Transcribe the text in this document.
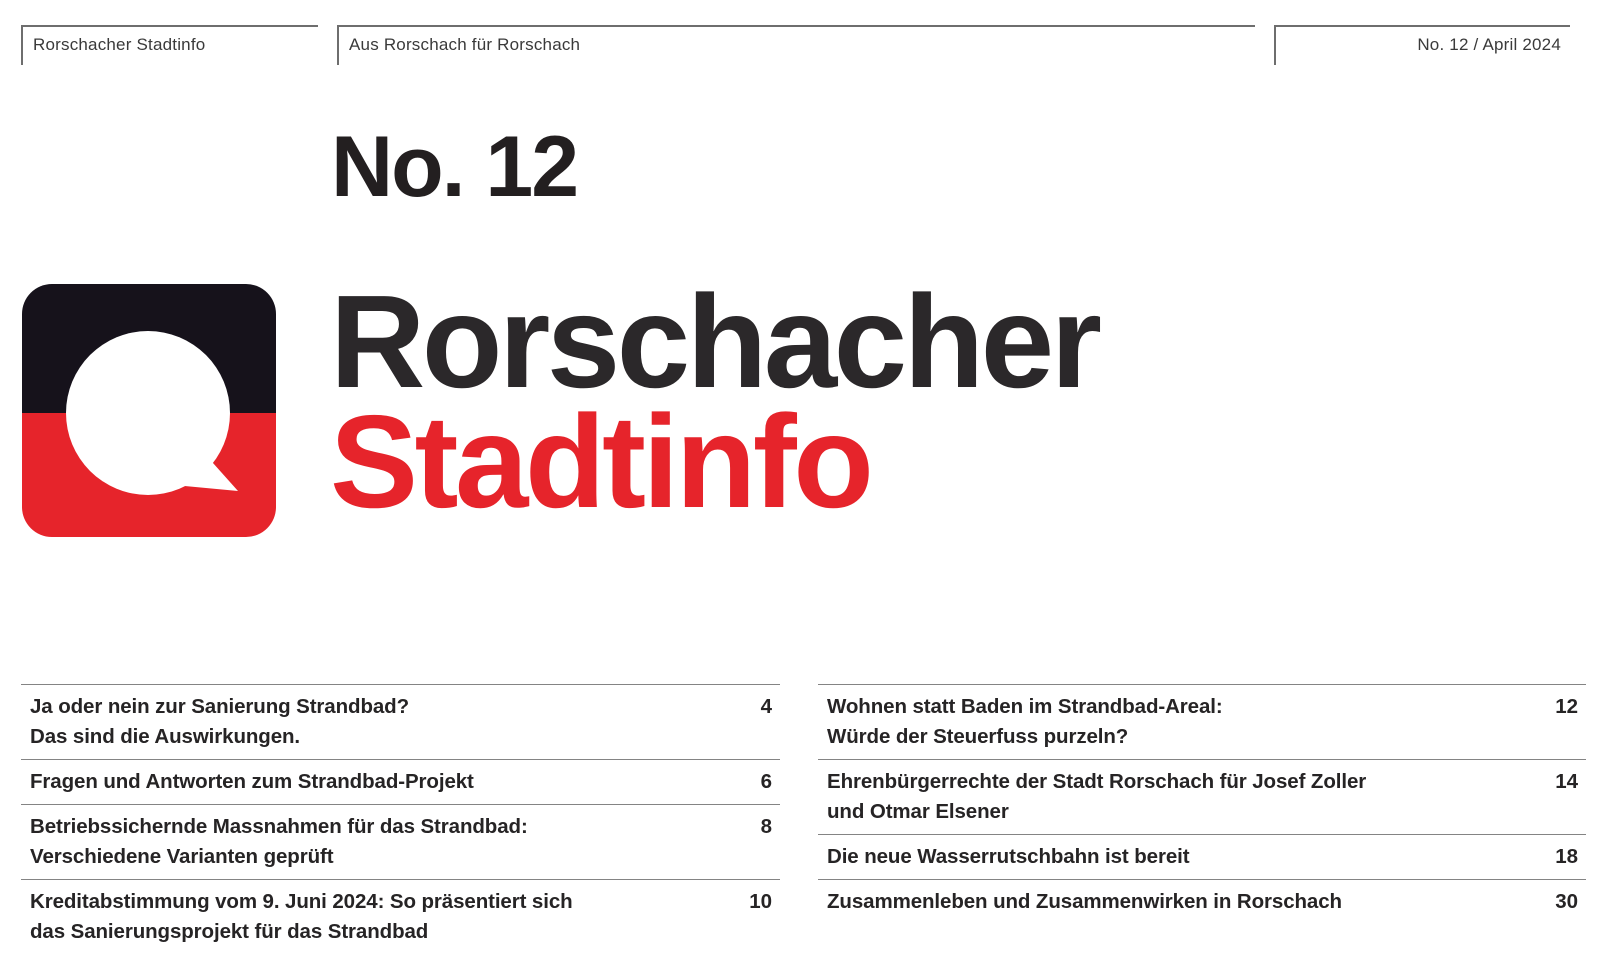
Rorschacher Stadtinfo	Aus Rorschach für Rorschach	No. 12 / April 2024
No. 12
Rorschacher
Stadtinfo
Ja oder nein zur Sanierung Strandbad?
Das sind die Auswirkungen.
4
Fragen und Antworten zum Strandbad-Projekt	6
Betriebssichernde Massnahmen für das Strandbad:
Verschiedene Varianten geprüft
8
Kreditabstimmung vom 9. Juni 2024: So präsentiert sich
das Sanierungsprojekt für das Strandbad
10
Wohnen statt Baden im Strandbad-Areal:
Würde der Steuerfuss purzeln?
12
Ehrenbürgerrechte der Stadt Rorschach für Josef Zoller
und Otmar Elsener
14
Die neue Wasserrutschbahn ist bereit	18
Zusammenleben und Zusammenwirken in Rorschach	30
